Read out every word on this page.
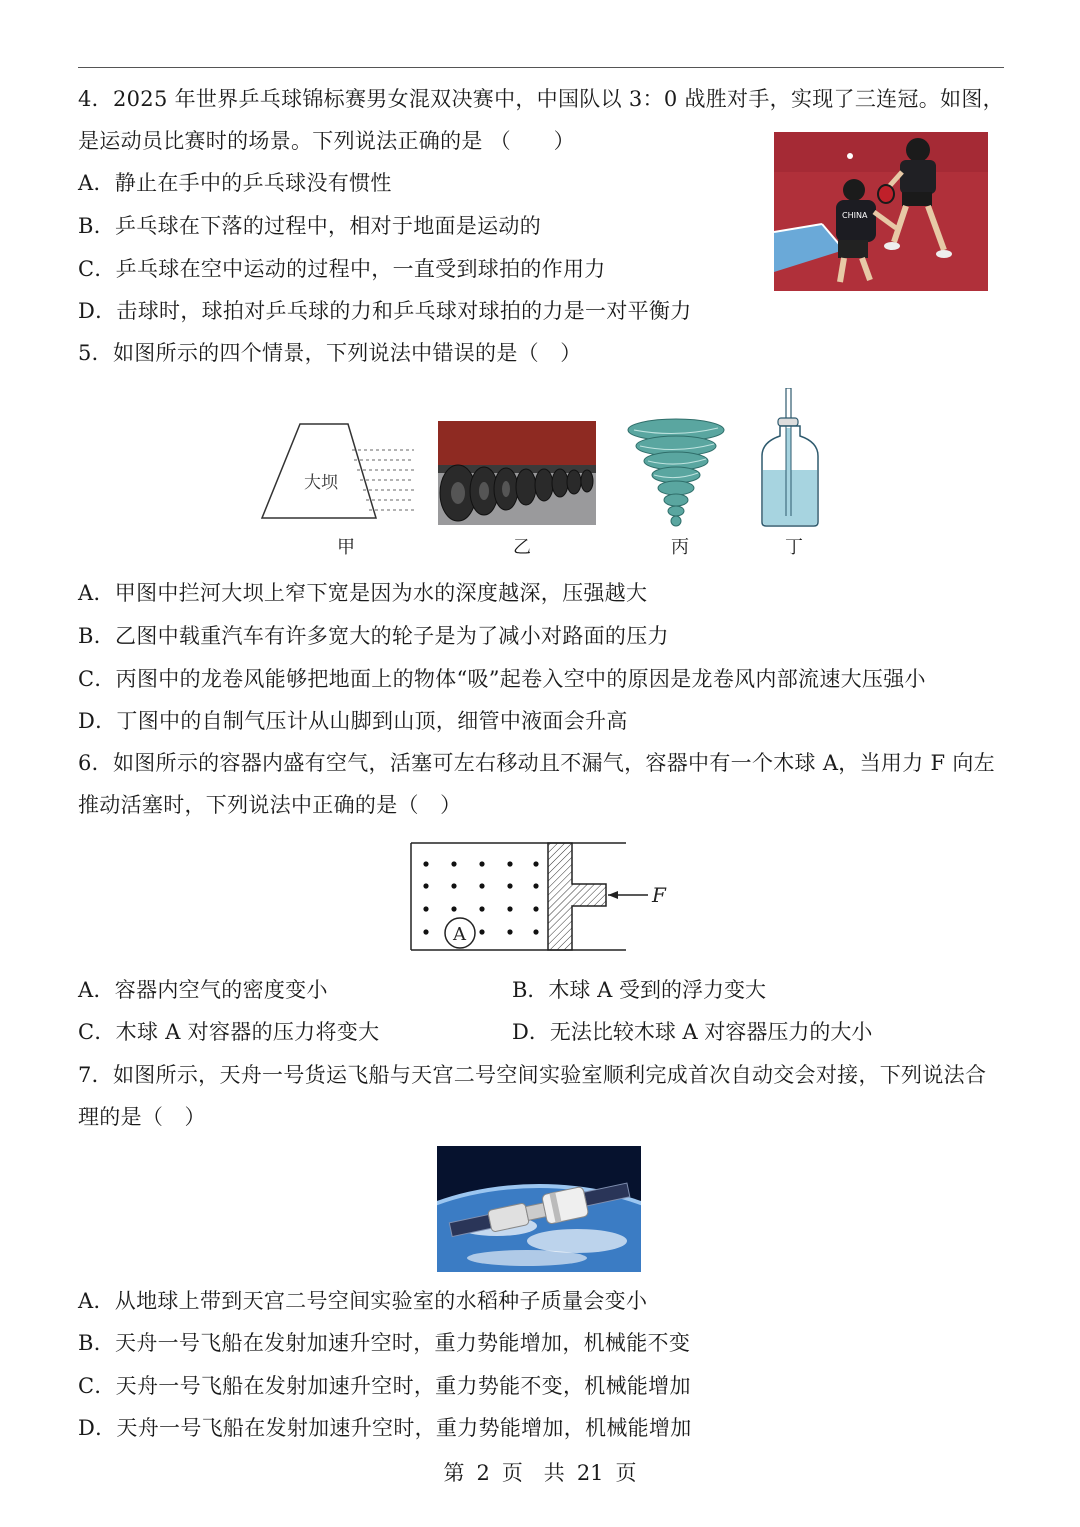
4．2025 年世界乒乓球锦标赛男女混双决赛中，中国队以 3：0 战胜对手，实现了三连冠。如图，
是运动员比赛时的场景。下列说法正确的是 （　　）
A．静止在手中的乒乓球没有惯性
B．乒乓球在下落的过程中，相对于地面是运动的
C．乒乓球在空中运动的过程中，一直受到球拍的作用力
D．击球时，球拍对乒乓球的力和乒乓球对球拍的力是一对平衡力
CHINA
5．如图所示的四个情景，下列说法中错误的是（　）
大坝
甲	乙	丙	丁
A．甲图中拦河大坝上窄下宽是因为水的深度越深，压强越大
B．乙图中载重汽车有许多宽大的轮子是为了减小对路面的压力
C．丙图中的龙卷风能够把地面上的物体“吸”起卷入空中的原因是龙卷风内部流速大压强小
D．丁图中的自制气压计从山脚到山顶，细管中液面会升高
6．如图所示的容器内盛有空气，活塞可左右移动且不漏气，容器中有一个木球 A，当用力 F 向左
推动活塞时，下列说法中正确的是（　）
A
F
A．容器内空气的密度变小	B．木球 A 受到的浮力变大
C．木球 A 对容器的压力将变大	D．无法比较木球 A 对容器压力的大小
7．如图所示，天舟一号货运飞船与天宫二号空间实验室顺利完成首次自动交会对接，下列说法合
理的是（　）
A．从地球上带到天宫二号空间实验室的水稻种子质量会变小
B．天舟一号飞船在发射加速升空时，重力势能增加，机械能不变
C．天舟一号飞船在发射加速升空时，重力势能不变，机械能增加
D．天舟一号飞船在发射加速升空时，重力势能增加，机械能增加
第 2 页　共 21 页
